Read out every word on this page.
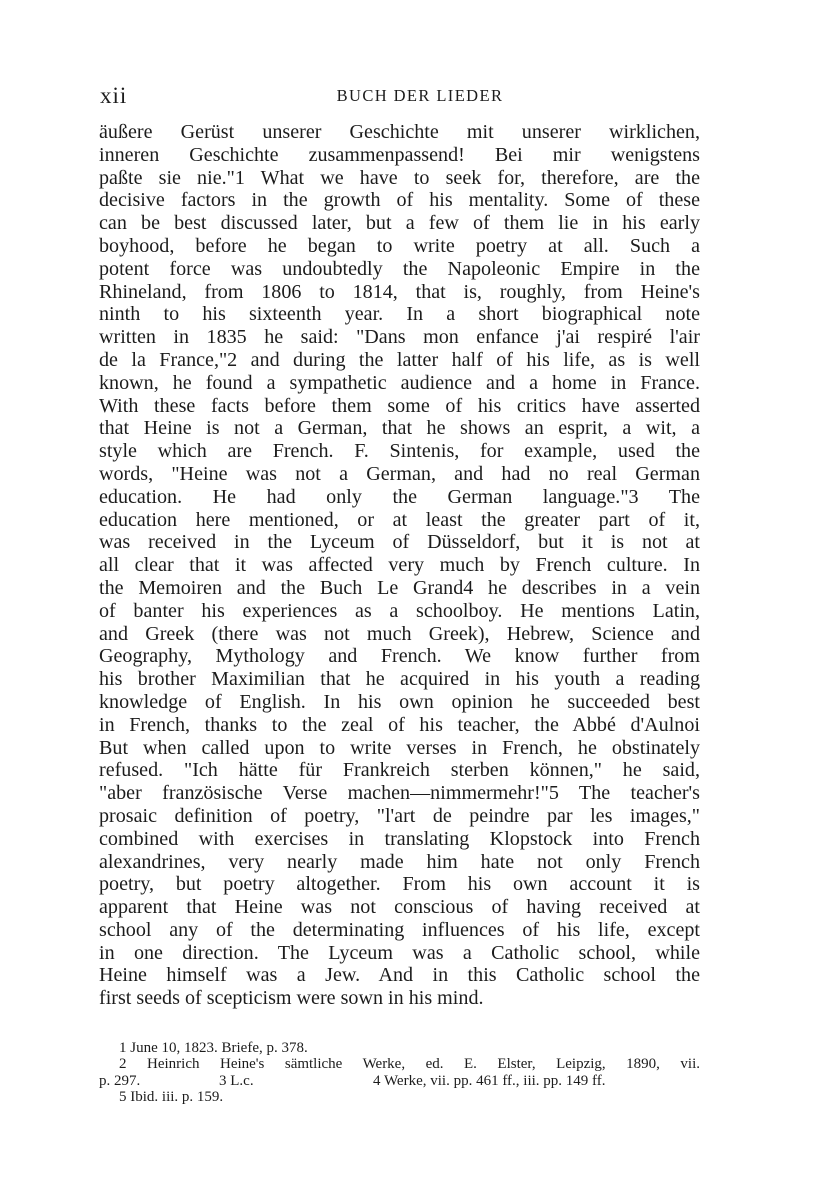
xii	BUCH DER LIEDER
äußere Gerüst unserer Geschichte mit unserer wirklichen,
inneren Geschichte zusammenpassend! Bei mir wenigstens
paßte sie nie."1 What we have to seek for, therefore, are the
decisive factors in the growth of his mentality. Some of these
can be best discussed later, but a few of them lie in his early
boyhood, before he began to write poetry at all. Such a
potent force was undoubtedly the Napoleonic Empire in the
Rhineland, from 1806 to 1814, that is, roughly, from Heine's
ninth to his sixteenth year. In a short biographical note
written in 1835 he said: "Dans mon enfance j'ai respiré l'air
de la France,"2 and during the latter half of his life, as is well
known, he found a sympathetic audience and a home in France.
With these facts before them some of his critics have asserted
that Heine is not a German, that he shows an esprit, a wit, a
style which are French. F. Sintenis, for example, used the
words, "Heine was not a German, and had no real German
education. He had only the German language."3 The
education here mentioned, or at least the greater part of it,
was received in the Lyceum of Düsseldorf, but it is not at
all clear that it was affected very much by French culture. In
the Memoiren and the Buch Le Grand4 he describes in a vein
of banter his experiences as a schoolboy. He mentions Latin,
and Greek (there was not much Greek), Hebrew, Science and
Geography, Mythology and French. We know further from
his brother Maximilian that he acquired in his youth a reading
knowledge of English. In his own opinion he succeeded best
in French, thanks to the zeal of his teacher, the Abbé d'Aulnoi
But when called upon to write verses in French, he obstinately
refused. "Ich hätte für Frankreich sterben können," he said,
"aber französische Verse machen—nimmermehr!"5 The teacher's
prosaic definition of poetry, "l'art de peindre par les images,"
combined with exercises in translating Klopstock into French
alexandrines, very nearly made him hate not only French
poetry, but poetry altogether. From his own account it is
apparent that Heine was not conscious of having received at
school any of the determinating influences of his life, except
in one direction. The Lyceum was a Catholic school, while
Heine himself was a Jew. And in this Catholic school the
first seeds of scepticism were sown in his mind.
1 June 10, 1823. Briefe, p. 378.
2 Heinrich Heine's sämtliche Werke, ed. E. Elster, Leipzig, 1890, vii.
p. 297.	3 L.c.	4 Werke, vii. pp. 461 ff., iii. pp. 149 ff.
5 Ibid. iii. p. 159.
